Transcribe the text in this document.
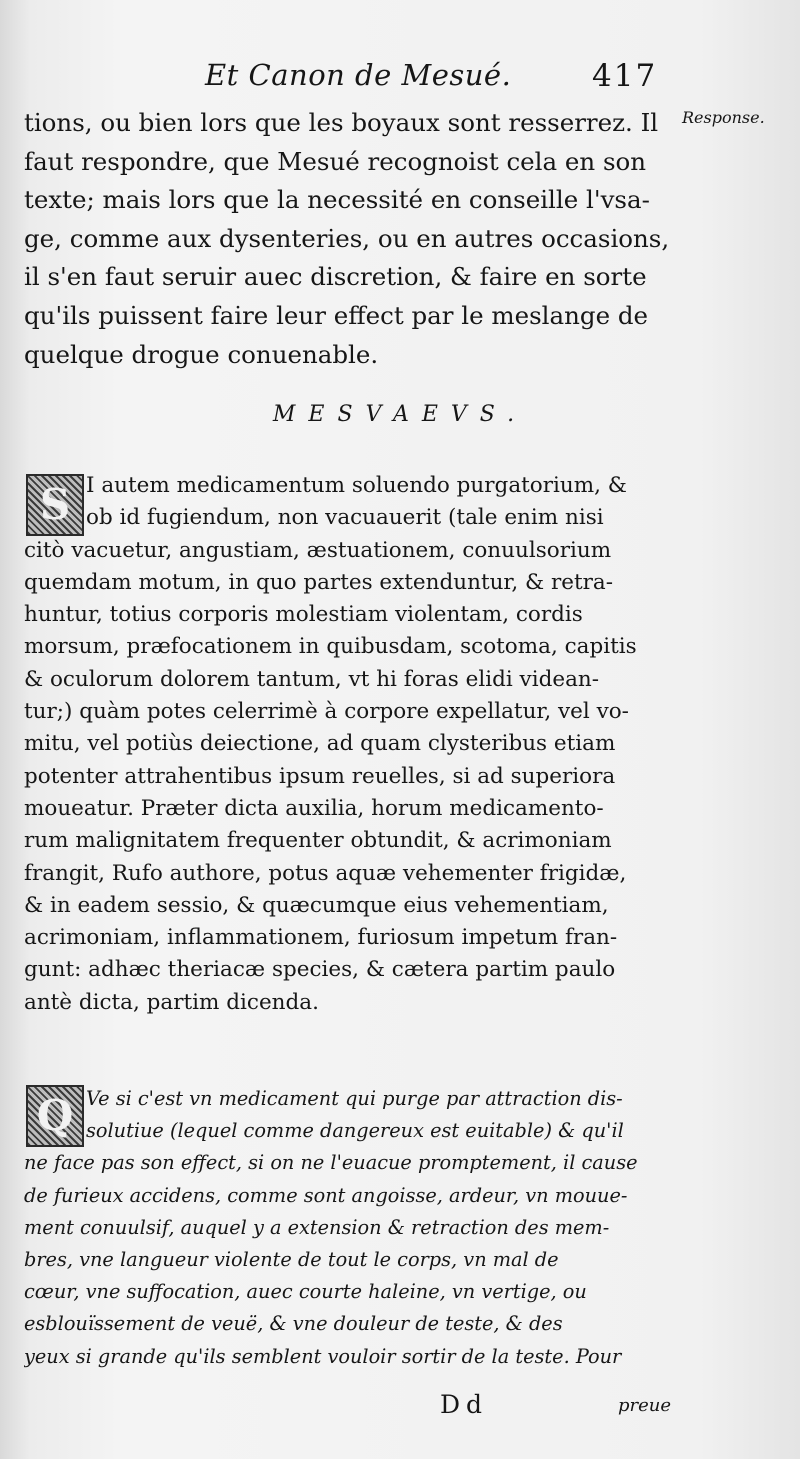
Et Canon de Mesué.	417
Response.
tions, ou bien lors que les boyaux sont resserrez. Il
faut respondre, que Mesué recognoist cela en son
texte; mais lors que la necessité en conseille l'vsa-
ge, comme aux dysenteries, ou en autres occasions,
il s'en faut seruir auec discretion, & faire en sorte
qu'ils puissent faire leur effect par le meslange de
quelque drogue conuenable.
MESVAEVS.
S I autem medicamentum soluendo purgatorium, &
ob id fugiendum, non vacuauerit (tale enim nisi
citò vacuetur, angustiam, æstuationem, conuulsorium
quemdam motum, in quo partes extenduntur, & retra-
huntur, totius corporis molestiam violentam, cordis
morsum, præfocationem in quibusdam, scotoma, capitis
& oculorum dolorem tantum, vt hi foras elidi videan-
tur;) quàm potes celerrimè à corpore expellatur, vel vo-
mitu, vel potiùs deiectione, ad quam clysteribus etiam
potenter attrahentibus ipsum reuelles, si ad superiora
moueatur. Præter dicta auxilia, horum medicamento-
rum malignitatem frequenter obtundit, & acrimoniam
frangit, Rufo authore, potus aquæ vehementer frigidæ,
& in eadem sessio, & quæcumque eius vehementiam,
acrimoniam, inflammationem, furiosum impetum fran-
gunt: adhæc theriacæ species, & cætera partim paulo
antè dicta, partim dicenda.
Q Ve si c'est vn medicament qui purge par attraction dis-
solutiue (lequel comme dangereux est euitable) & qu'il
ne face pas son effect, si on ne l'euacue promptement, il cause
de furieux accidens, comme sont angoisse, ardeur, vn mouue-
ment conuulsif, auquel y a extension & retraction des mem-
bres, vne langueur violente de tout le corps, vn mal de
cœur, vne suffocation, auec courte haleine, vn vertige, ou
esblouïssement de veuë, & vne douleur de teste, & des
yeux si grande qu'ils semblent vouloir sortir de la teste. Pour
Dd	preue
